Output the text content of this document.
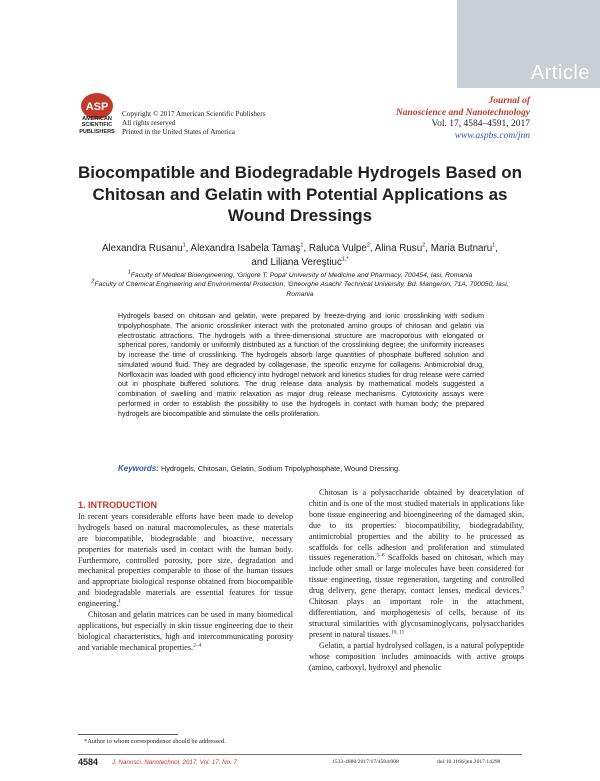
Article
ASP
AMERICAN
SCIENTIFIC
PUBLISHERS
Copyright © 2017 American Scientific Publishers
All rights reserved
Printed in the United States of America
Journal of
Nanoscience and Nanotechnology
Vol. 17, 4584–4591, 2017
www.aspbs.com/jnn
Biocompatible and Biodegradable Hydrogels Based on
Chitosan and Gelatin with Potential Applications as
Wound Dressings
Alexandra Rusanu$^1$, Alexandra Isabela Tamaş$^1$, Raluca Vulpe$^2$, Alina Rusu$^2$, Maria Butnaru$^1$, and Liliana Vereştiuc$^{1,*}$
$^1$Faculty of Medical Bioengineering, 'Grigore T. Popa' University of Medicine and Pharmacy, 700454, Iasi, Romania
$^2$Faculty of Chemical Engineering and Environmental Protection, 'Gheorghe Asachi' Technical University, Bd. Mangeron, 71A, 700050, Iasi, Romania
Hydrogels based on chitosan and gelatin, were prepared by freeze-drying and ionic crosslinking with sodium tripolyphosphate. The anionic crosslinker interact with the protonated amino groups of chitosan and gelatin via electrostatic attractions. The hydrogels with a three-dimensional structure are macroporous with elongated or spherical pores, randomly or uniformly distributed as a function of the crosslinking degree; the uniformity increases by increase the time of crosslinking. The hydrogels absorb large quantities of phosphate buffered solution and simulated wound fluid. They are degraded by collagenase, the specific enzyme for collagens. Antimicrobial drug, Norfloxacin was loaded with good efficiency into hydrogel network and kinetics studies for drug release were carried out in phosphate buffered solutions. The drug release data analysis by mathematical models suggested a combination of swelling and matrix relaxation as major drug release mechanisms. Cytotoxicity assays were performed in order to establish the possibility to use the hydrogels in contact with human body; the prepared hydrogels are biocompatible and stimulate the cells proliferation.
Keywords: Hydrogels, Chitosan, Gelatin, Sodium Tripolyphosphate, Wound Dressing.
1. INTRODUCTION

In recent years considerable efforts have been made to develop hydrogels based on natural macromolecules, as these materials are biocompatible, biodegradable and bioactive, necessary properties for materials used in contact with the human body. Furthermore, controlled porosity, pore size, degradation and mechanical properties comparable to those of the human tissues and appropriate biological response obtained from biocompatible and biodegradable materials are essential features for tissue engineering.$^1$

Chitosan and gelatin matrices can be used in many biomedical applications, but especially in skin tissue engineering due to their biological characteristics, high and intercommunicating porosity and variable mechanical properties.$^{2-4}$

Chitosan is a polysaccharide obtained by deacetylation of chitin and is one of the most studied materials in applications like bone tissue engineering and bioengineering of the damaged skin, due to its properties: biocompatibility, biodegradability, antimicrobial properties and the ability to be processed as scaffolds for cells adhesion and proliferation and stimulated tissues regeneration.$^{5-8}$ Scaffolds based on chitosan, which may include other small or large molecules have been considered for tissue engineering, tissue regeneration, targeting and controlled drug delivery, gene therapy, contact lenses, medical devices.$^9$ Chitosan plays an important role in the attachment, differentiation, and morphogenesis of cells, because of its structural similarities with glycosaminoglycans, polysaccharides present in natural tissues.$^{10, 11}$

Gelatin, a partial hydrolysed collagen, is a natural polypeptide whose composition includes aminoacids with active groups (amino, carboxyl, hydroxyl and phenolic

*Author to whom correspondence should be addressed.
4584 J. Nanosci. Nanotechnol. 2017, Vol. 17, No. 7	1533-4880/2017/17/4584/008	doi:10.1166/jnn.2017.14298
